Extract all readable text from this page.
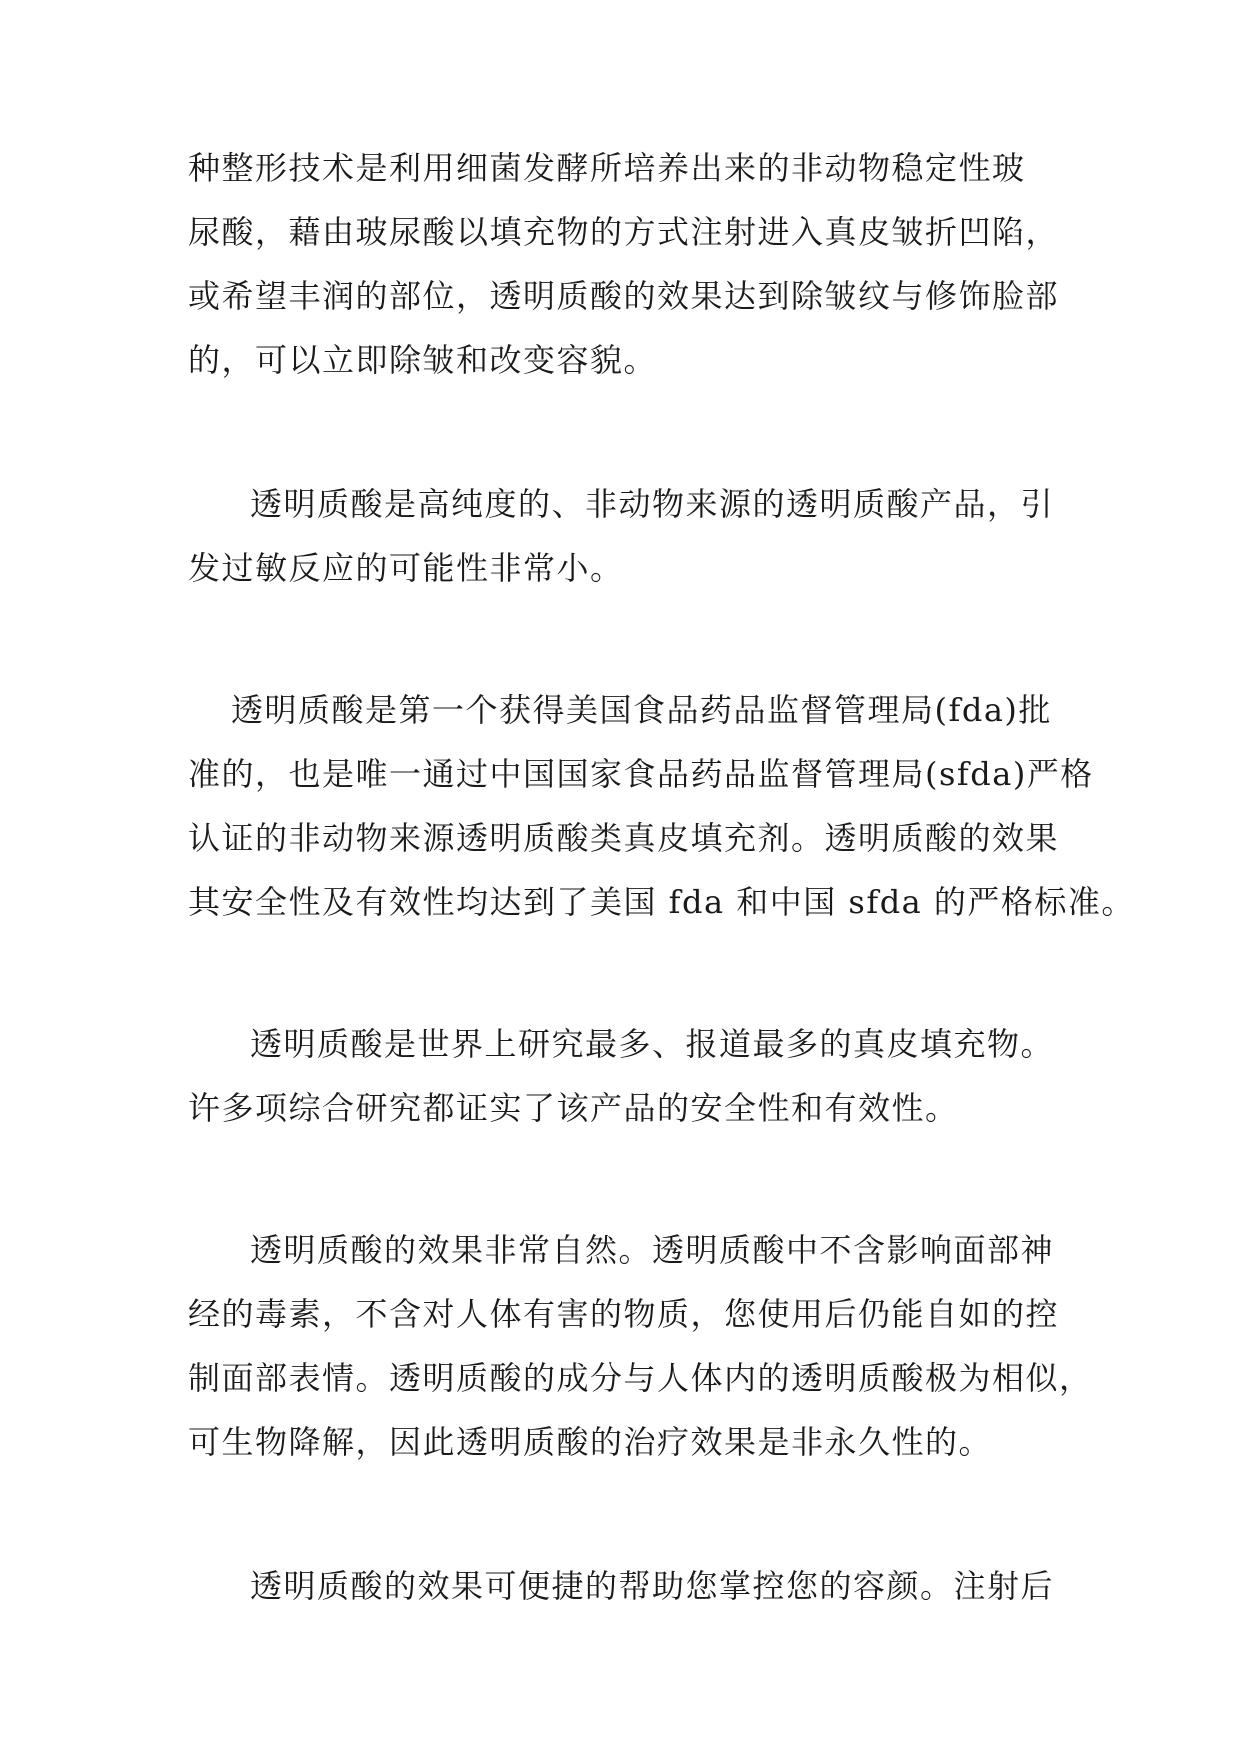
种整形技术是利用细菌发酵所培养出来的非动物稳定性玻
尿酸，藉由玻尿酸以填充物的方式注射进入真皮皱折凹陷，
或希望丰润的部位，透明质酸的效果达到除皱纹与修饰脸部
的，可以立即除皱和改变容貌。
透明质酸是高纯度的、非动物来源的透明质酸产品，引
发过敏反应的可能性非常小。
透明质酸是第一个获得美国食品药品监督管理局(fda)批
准的，也是唯一通过中国国家食品药品监督管理局(sfda)严格
认证的非动物来源透明质酸类真皮填充剂。透明质酸的效果
其安全性及有效性均达到了美国 fda 和中国 sfda 的严格标准。
透明质酸是世界上研究最多、报道最多的真皮填充物。
许多项综合研究都证实了该产品的安全性和有效性。
透明质酸的效果非常自然。透明质酸中不含影响面部神
经的毒素，不含对人体有害的物质，您使用后仍能自如的控
制面部表情。透明质酸的成分与人体内的透明质酸极为相似，
可生物降解，因此透明质酸的治疗效果是非永久性的。
透明质酸的效果可便捷的帮助您掌控您的容颜。注射后
